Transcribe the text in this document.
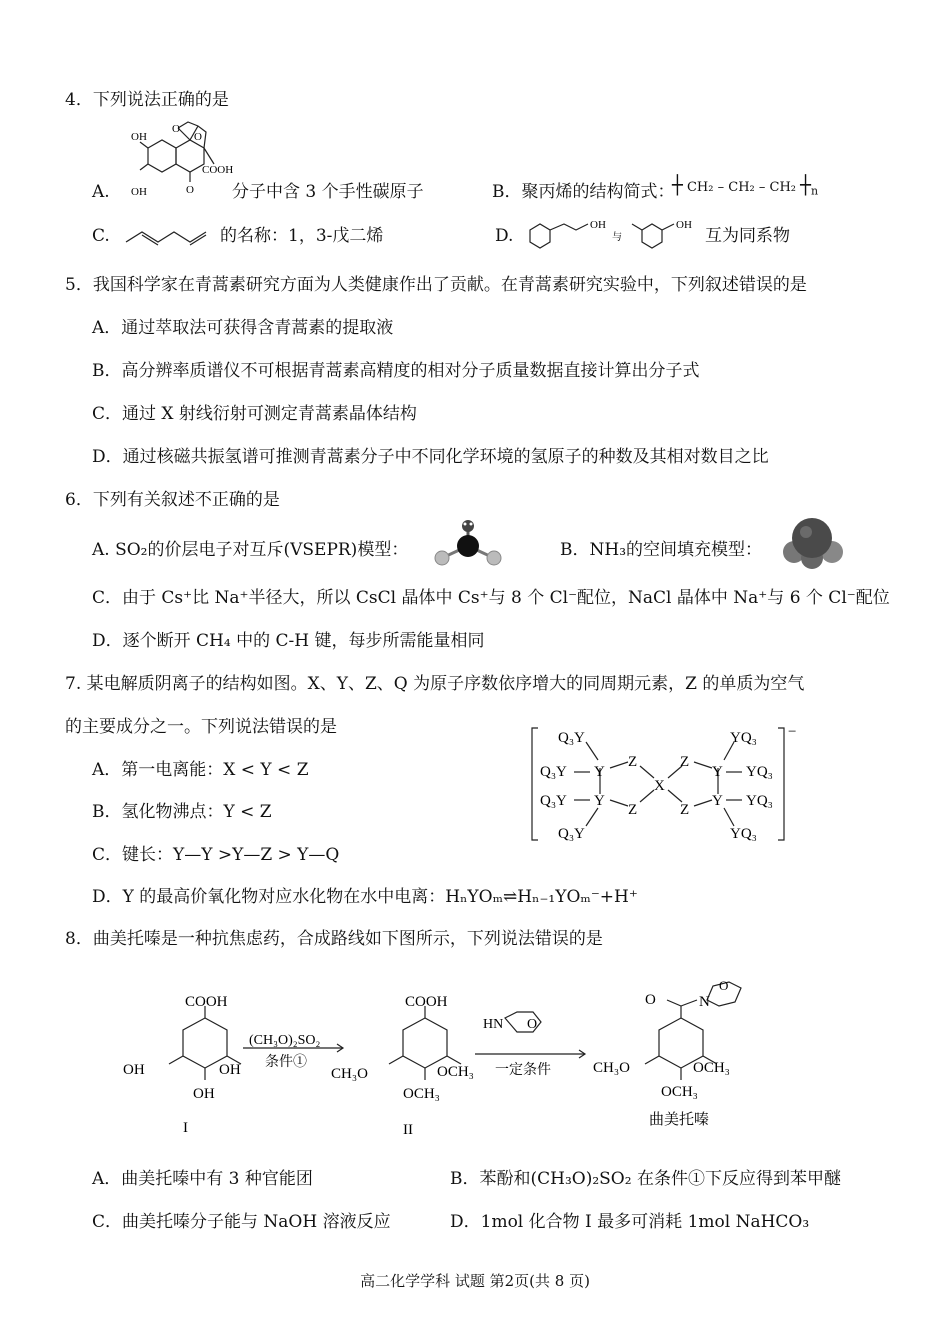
4．下列说法正确的是
OH
OH	O
COOH
O
O
A.	分子中含 3 个手性碳原子	B．聚丙烯的结构简式：
┼ CH₂ – CH₂ – CH₂ $┼_n$
C.	的名称：1，3-戊二烯	D.
OH
与
OH
互为同系物
5．我国科学家在青蒿素研究方面为人类健康作出了贡献。在青蒿素研究实验中，下列叙述错误的是
A．通过萃取法可获得含青蒿素的提取液
B．高分辨率质谱仪不可根据青蒿素高精度的相对分子质量数据直接计算出分子式
C．通过 X 射线衍射可测定青蒿素晶体结构
D．通过核磁共振氢谱可推测青蒿素分子中不同化学环境的氢原子的种数及其相对数目之比
6．下列有关叙述不正确的是
A. SO₂的价层电子对互斥(VSEPR)模型：	B．NH₃的空间填充模型：
C．由于 Cs⁺比 Na⁺半径大，所以 CsCl 晶体中 Cs⁺与 8 个 Cl⁻配位，NaCl 晶体中 Na⁺与 6 个 Cl⁻配位
D．逐个断开 CH₄ 中的 C-H 键，每步所需能量相同
7. 某电解质阴离子的结构如图。X、Y、Z、Q 为原子序数依序增大的同周期元素，Z 的单质为空气
的主要成分之一。下列说法错误的是
A．第一电离能：X < Y < Z
B．氢化物沸点：Y < Z
C．键长：Y—Y >Y—Z > Y—Q
D．Y 的最高价氧化物对应水化物在水中电离：HₙYOₘ⇌Hₙ₋₁YOₘ⁻+H⁺
Q₃Y
Q₃Y Y
Q₃Y Y
Q₃Y
Z
Z
X
Z
Z
Y
Y
YQ₃
YQ₃
YQ₃
YQ₃
−
8．曲美托嗪是一种抗焦虑药，合成路线如下图所示，下列说法错误的是
COOH
OH	OH
OH
(CH₃O)₂SO₂
条件①
COOH
CH₃O	OCH₃
OCH₃
HN O
一定条件
O	N
O
CH₃O	OCH₃
OCH₃
I	II
曲美托嗪
A．曲美托嗪中有 3 种官能团	B．苯酚和(CH₃O)₂SO₂ 在条件①下反应得到苯甲醚
C．曲美托嗪分子能与 NaOH 溶液反应	D．1mol 化合物 I 最多可消耗 1mol NaHCO₃
高二化学学科 试题 第2页(共 8 页)
